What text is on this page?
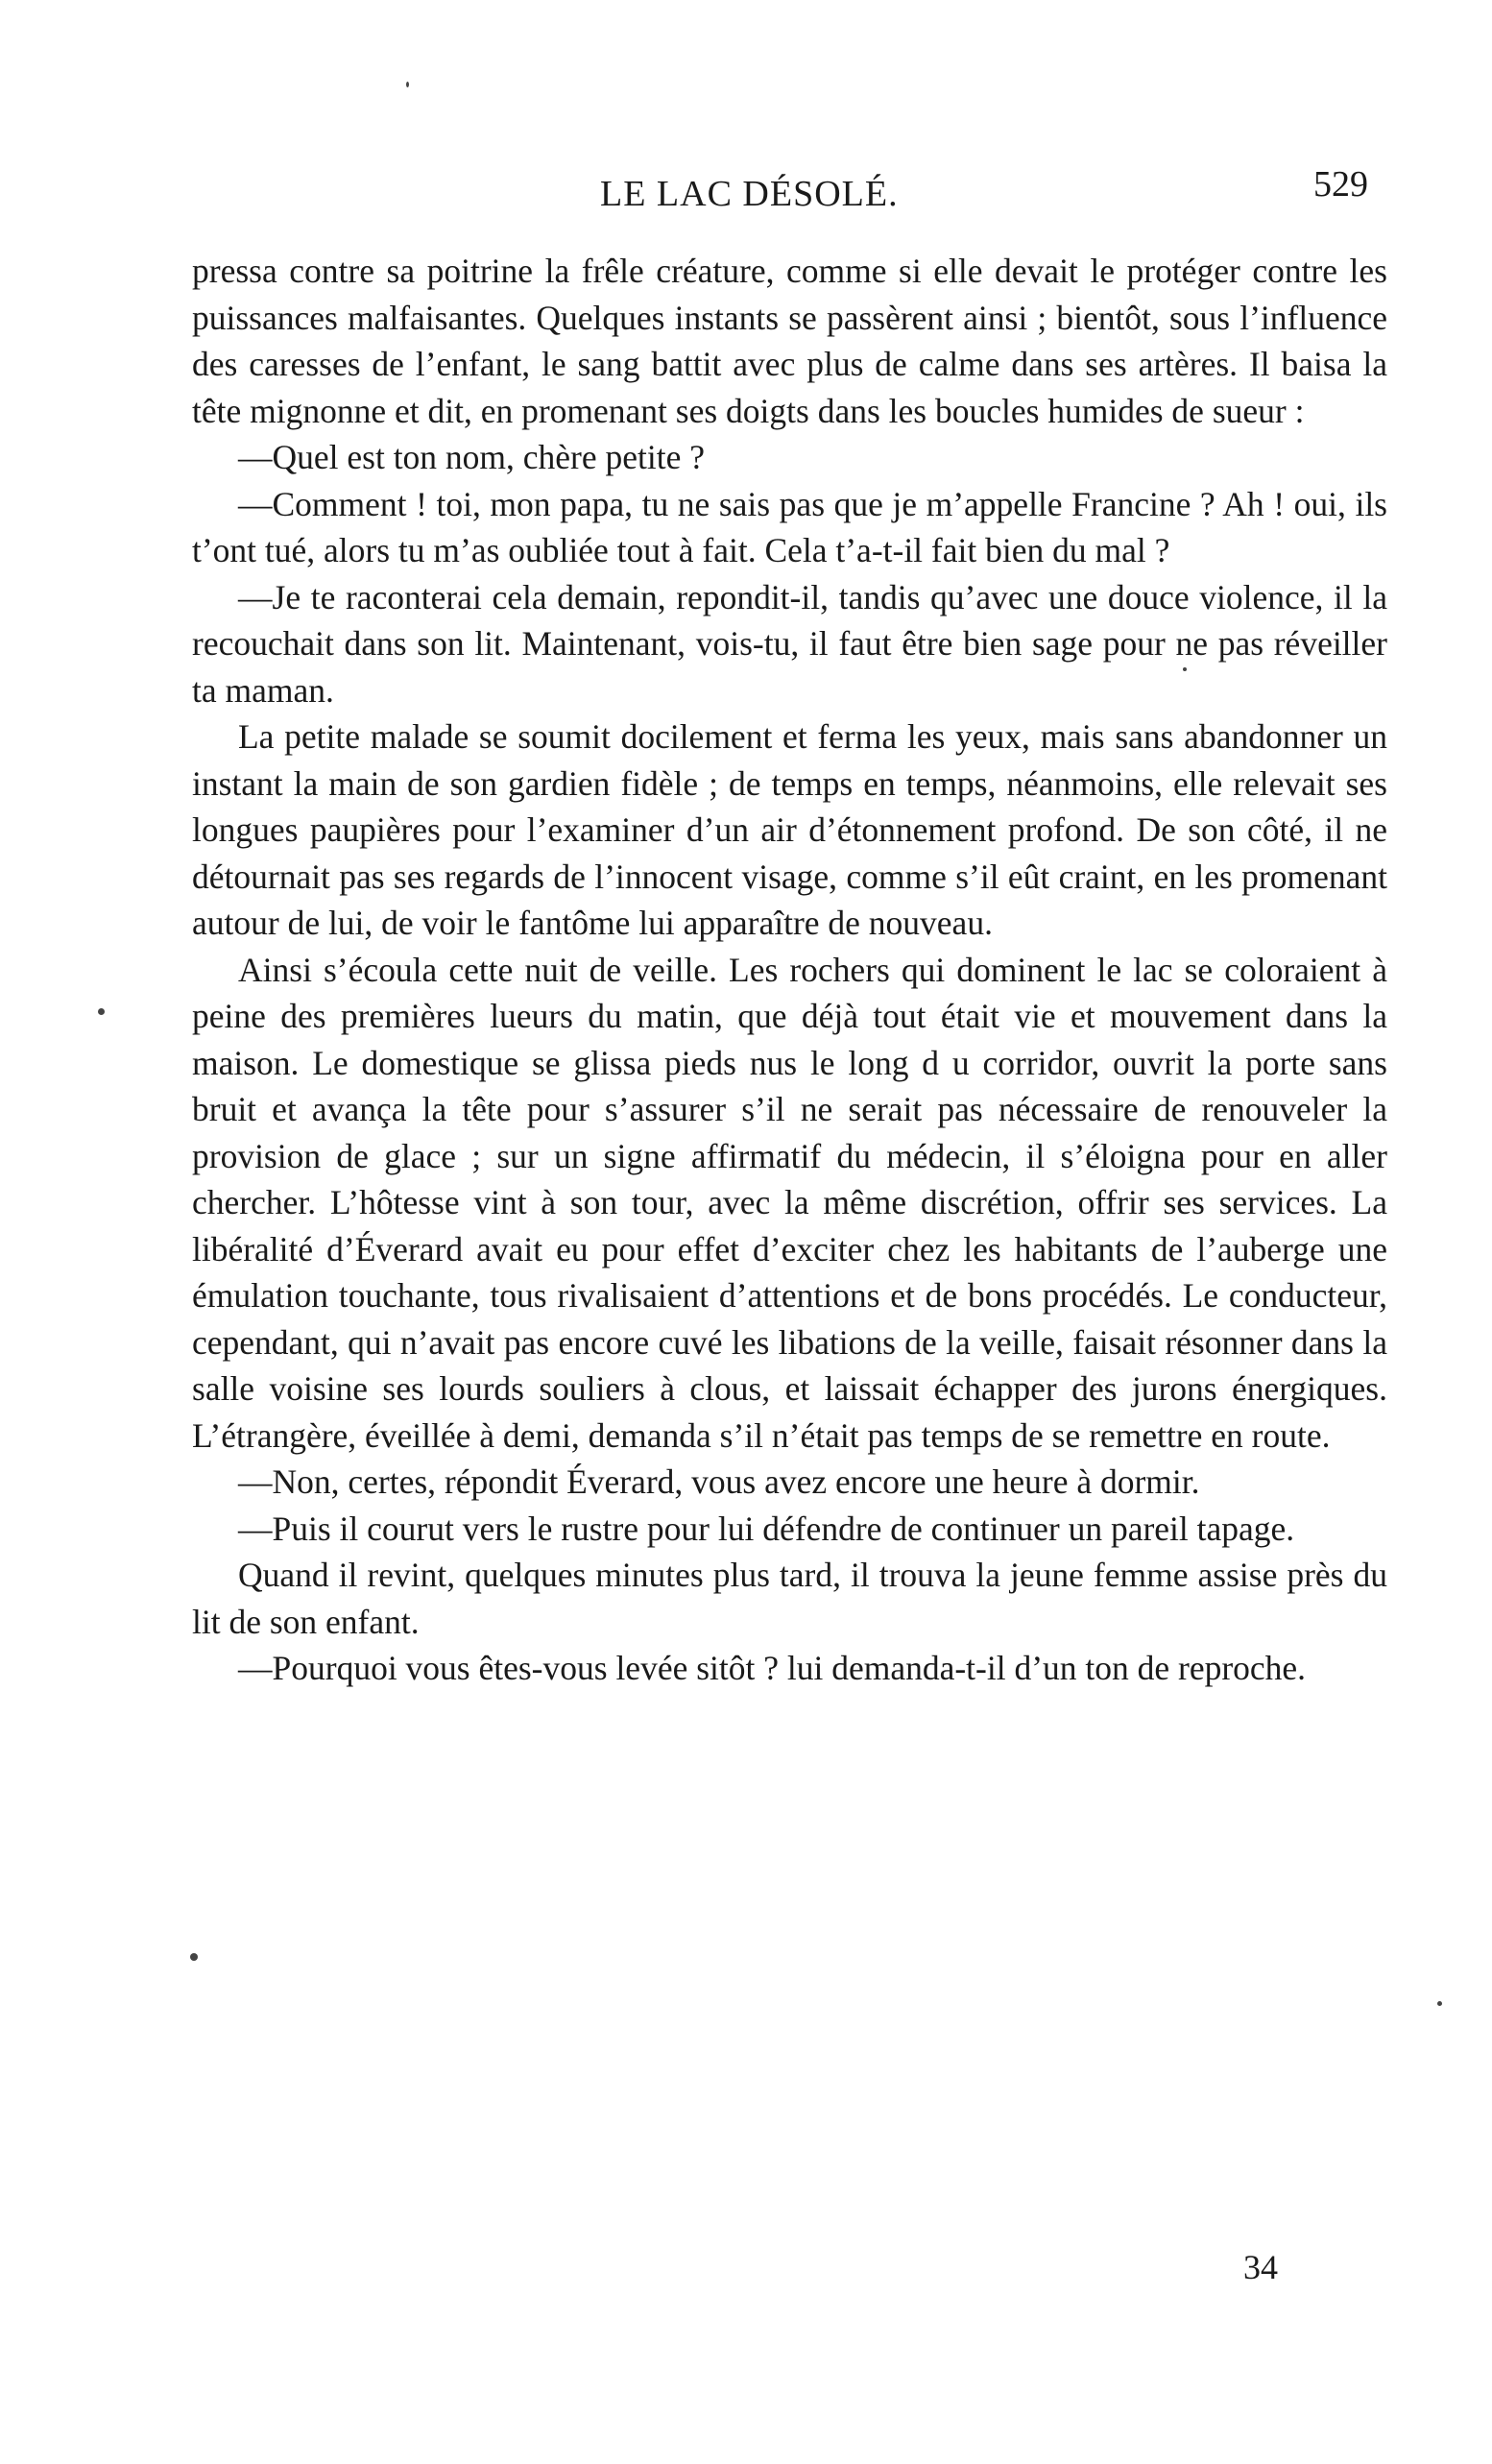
LE LAC DÉSOLÉ.	529

pressa contre sa poitrine la frêle créature, comme si elle devait le protéger contre les puissances malfaisantes. Quelques instants se passèrent ainsi ; bientôt, sous l’influence des caresses de l’enfant, le sang battit avec plus de calme dans ses artères. Il baisa la tête mignonne et dit, en promenant ses doigts dans les boucles humides de sueur :

—Quel est ton nom, chère petite ?

—Comment ! toi, mon papa, tu ne sais pas que je m’appelle Francine ? Ah ! oui, ils t’ont tué, alors tu m’as oubliée tout à fait. Cela t’a-t-il fait bien du mal ?

—Je te raconterai cela demain, repondit-il, tandis qu’avec une douce violence, il la recouchait dans son lit. Maintenant, vois-tu, il faut être bien sage pour ne pas réveiller ta maman.

La petite malade se soumit docilement et ferma les yeux, mais sans abandonner un instant la main de son gardien fidèle ; de temps en temps, néanmoins, elle relevait ses longues paupières pour l’examiner d’un air d’étonnement profond. De son côté, il ne détournait pas ses regards de l’innocent visage, comme s’il eût craint, en les promenant autour de lui, de voir le fantôme lui apparaître de nouveau.

Ainsi s’écoula cette nuit de veille. Les rochers qui dominent le lac se coloraient à peine des premières lueurs du matin, que déjà tout était vie et mouvement dans la maison. Le domestique se glissa pieds nus le long d u corridor, ouvrit la porte sans bruit et avança la tête pour s’assurer s’il ne serait pas nécessaire de renouveler la provision de glace ; sur un signe affirmatif du médecin, il s’éloigna pour en aller chercher. L’hôtesse vint à son tour, avec la même discrétion, offrir ses services. La libéralité d’Éverard avait eu pour effet d’exciter chez les habitants de l’auberge une émulation touchante, tous rivalisaient d’attentions et de bons procédés. Le conducteur, cependant, qui n’avait pas encore cuvé les libations de la veille, faisait résonner dans la salle voisine ses lourds souliers à clous, et laissait échapper des jurons énergiques. L’étrangère, éveillée à demi, demanda s’il n’était pas temps de se remettre en route.

—Non, certes, répondit Éverard, vous avez encore une heure à dormir.

—Puis il courut vers le rustre pour lui défendre de continuer un pareil tapage.

Quand il revint, quelques minutes plus tard, il trouva la jeune femme assise près du lit de son enfant.

—Pourquoi vous êtes-vous levée sitôt ? lui demanda-t-il d’un ton de reproche.

34
